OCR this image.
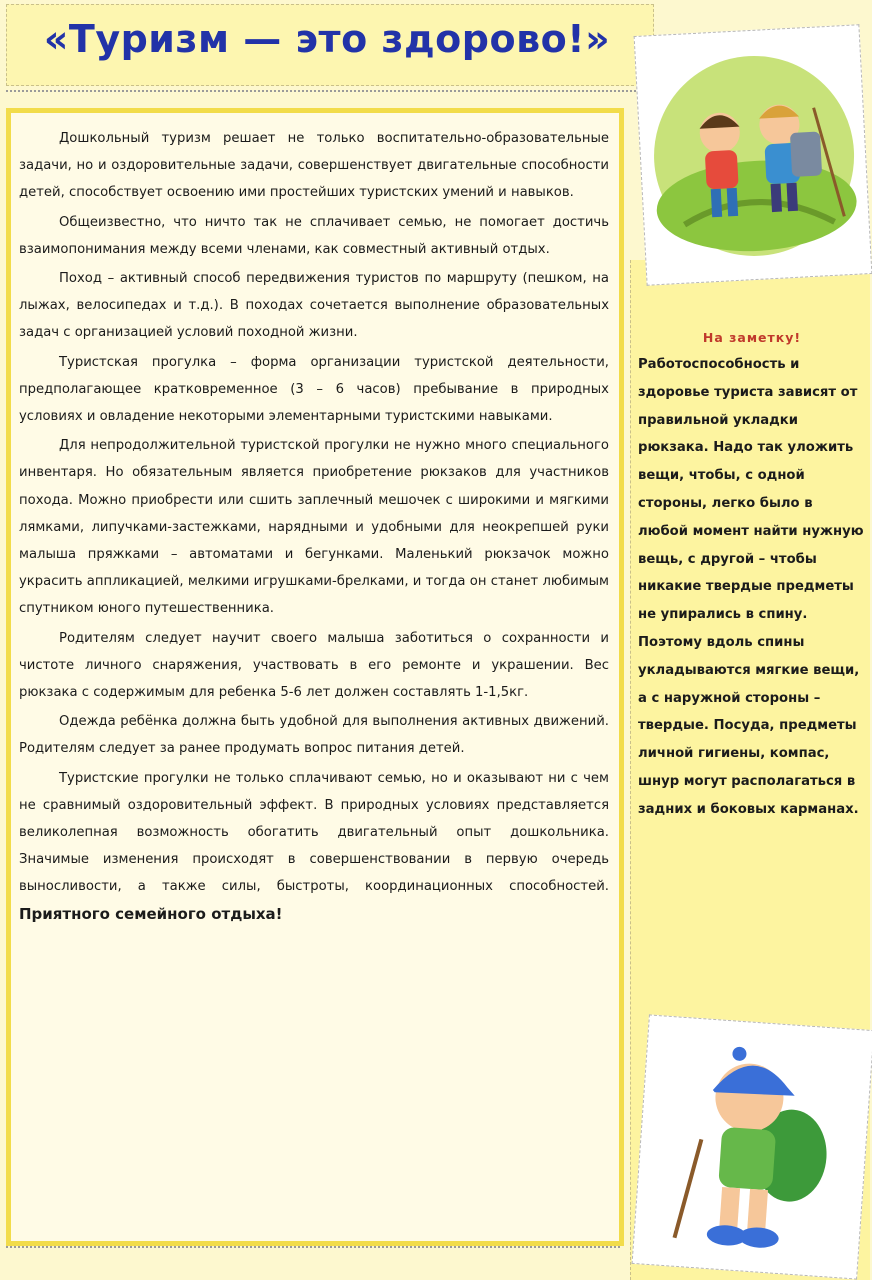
«Туризм — это здорово!»

Дошкольный туризм решает не только воспитательно-образовательные задачи, но и оздоровительные задачи, совершенствует двигательные способности детей, способствует освоению ими простейших туристских умений и навыков.

Общеизвестно, что ничто так не сплачивает семью, не помогает достичь взаимопонимания между всеми членами, как совместный активный отдых.

Поход – активный способ передвижения туристов по маршруту (пешком, на лыжах, велосипедах и т.д.). В походах сочетается выполнение образовательных задач с организацией условий походной жизни.

Туристская прогулка – форма организации туристской деятельности, предполагающее кратковременное (3 – 6 часов) пребывание в природных условиях и овладение некоторыми элементарными туристскими навыками.

Для непродолжительной туристской прогулки не нужно много специального инвентаря. Но обязательным является приобретение рюкзаков для участников похода. Можно приобрести или сшить заплечный мешочек с широкими и мягкими лямками, липучками-застежками, нарядными и удобными для неокрепшей руки малыша пряжками – автоматами и бегунками. Маленький рюкзачок можно украсить аппликацией, мелкими игрушками-брелками, и тогда он станет любимым спутником юного путешественника.

Родителям следует научит своего малыша заботиться о сохранности и чистоте личного снаряжения, участвовать в его ремонте и украшении. Вес рюкзака с содержимым для ребенка 5-6 лет должен составлять 1-1,5кг.

Одежда ребёнка должна быть удобной для выполнения активных движений. Родителям следует за ранее продумать вопрос питания детей.

Туристские прогулки не только сплачивают семью, но и оказывают ни с чем не сравнимый оздоровительный эффект. В природных условиях представляется великолепная возможность обогатить двигательный опыт дошкольника. Значимые изменения происходят в совершенствовании в первую очередь выносливости, а также силы, быстроты, координационных способностей. Приятного семейного отдыха!

На заметку!
Работоспособность и здоровье туриста зависят от правильной укладки рюкзака. Надо так уложить вещи, чтобы, с одной стороны, легко было в любой момент найти нужную вещь, с другой – чтобы никакие твердые предметы не упирались в спину. Поэтому вдоль спины укладываются мягкие вещи, а с наружной стороны – твердые. Посуда, предметы личной гигиены, компас, шнур могут располагаться в задних и боковых карманах.
